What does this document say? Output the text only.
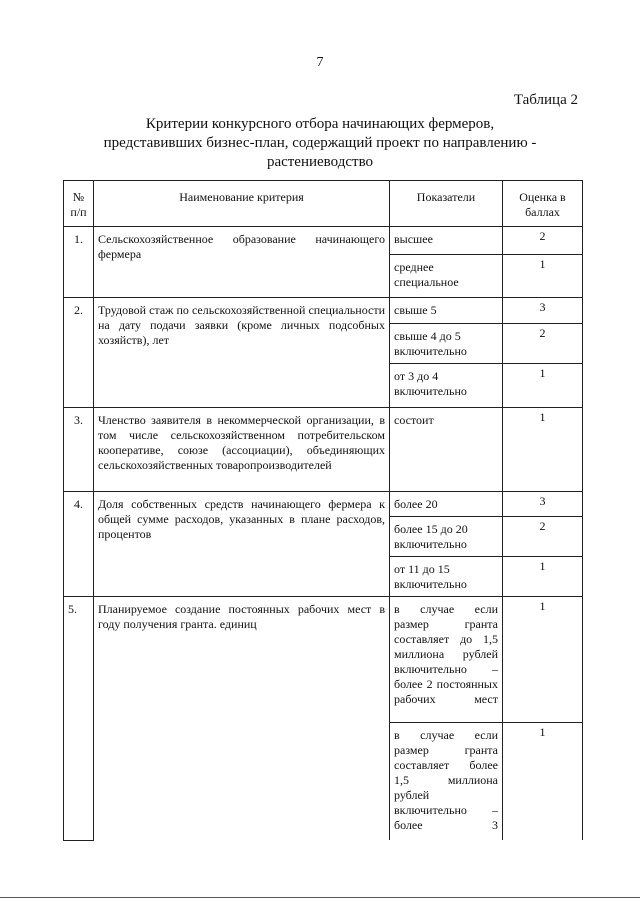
7
Таблица 2
Критерии конкурсного отбора начинающих фермеров,
представивших бизнес-план, содержащий проект по направлению -
растениеводство
№ п/п	Наименование критерия	Показатели	Оценка в баллах
1.	Сельскохозяйственное образование начинающего фермера	высшее	2
		среднее специальное	1
2.	Трудовой стаж по сельскохозяйственной специальности на дату подачи заявки (кроме личных подсобных хозяйств), лет	свыше 5	3
		свыше 4 до 5 включительно	2
		от 3 до 4 включительно	1
3.	Членство заявителя в некоммерческой организации, в том числе сельскохозяйственном потребительском кооперативе, союзе (ассоциации), объединяющих сельскохозяйственных товаропроизводителей	состоит	1
4.	Доля собственных средств начинающего фермера к общей сумме расходов, указанных в плане расходов, процентов	более 20	3
		более 15 до 20 включительно	2
		от 11 до 15 включительно	1
5.	Планируемое создание постоянных рабочих мест в году получения гранта. единиц	в случае если размер гранта составляет до 1,5 миллиона рублей включительно – более 2 постоянных рабочих мест	1
		в случае если размер гранта составляет более 1,5 миллиона рублей включительно – более 3	1
